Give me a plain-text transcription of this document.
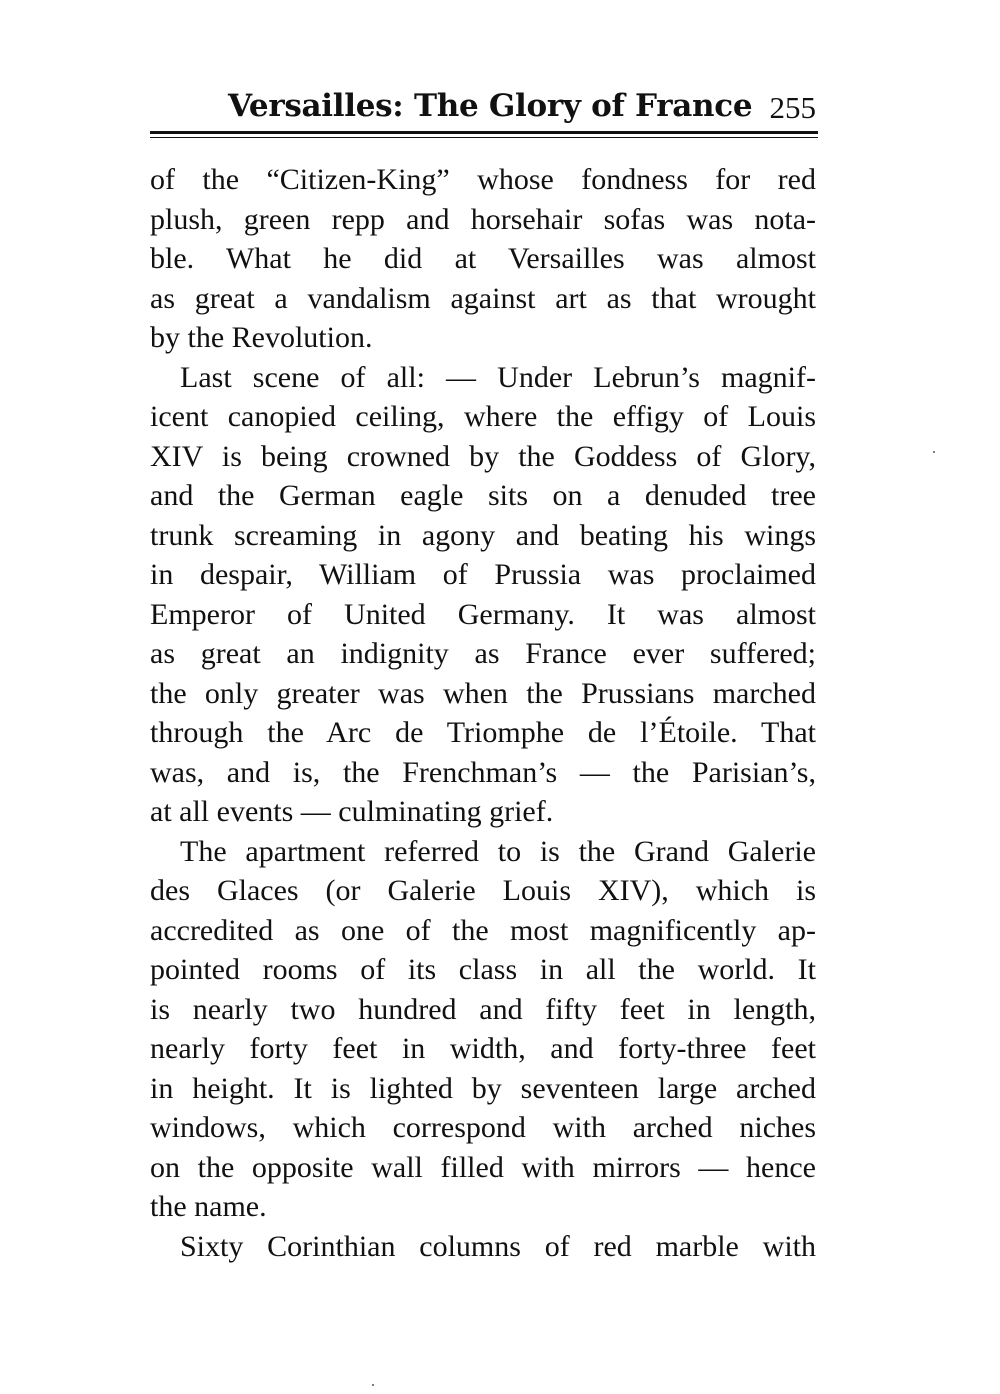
Versailles: The Glory of France 255
of the “Citizen-King” whose fondness for red
plush, green repp and horsehair sofas was nota-
ble. What he did at Versailles was almost
as great a vandalism against art as that wrought
by the Revolution.
Last scene of all: — Under Lebrun’s magnif-
icent canopied ceiling, where the effigy of Louis
XIV is being crowned by the Goddess of Glory,
and the German eagle sits on a denuded tree
trunk screaming in agony and beating his wings
in despair, William of Prussia was proclaimed
Emperor of United Germany. It was almost
as great an indignity as France ever suffered;
the only greater was when the Prussians marched
through the Arc de Triomphe de l’Étoile. That
was, and is, the Frenchman’s — the Parisian’s,
at all events — culminating grief.
The apartment referred to is the Grand Galerie
des Glaces (or Galerie Louis XIV), which is
accredited as one of the most magnificently ap-
pointed rooms of its class in all the world. It
is nearly two hundred and fifty feet in length,
nearly forty feet in width, and forty-three feet
in height. It is lighted by seventeen large arched
windows, which correspond with arched niches
on the opposite wall filled with mirrors — hence
the name.
Sixty Corinthian columns of red marble with
